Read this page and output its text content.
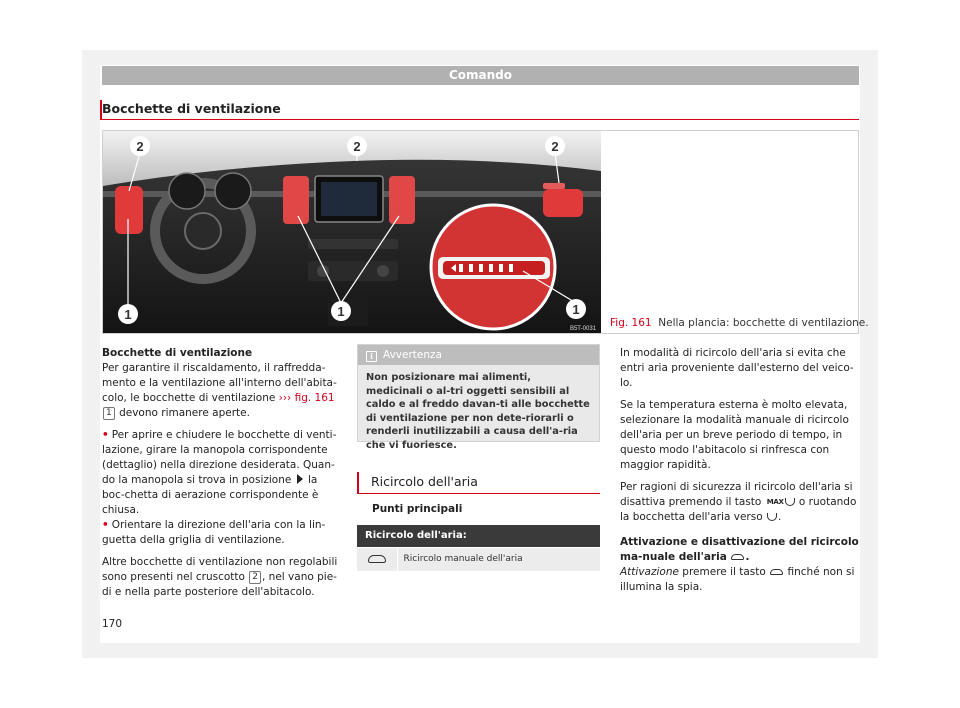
Comando
Bocchette di ventilazione
2	2	2
1	1	1
B5T-0031 Fig. 161 Nella plancia: bocchette di ventilazione.

Bocchette di ventilazione
Per garantire il riscaldamento, il raffredda-mento e la ventilazione all'interno dell'abita-colo, le bocchette di ventilazione ››› fig. 161 1 devono rimanere aperte.

• Per aprire e chiudere le bocchette di venti-lazione, girare la manopola corrispondente (dettaglio) nella direzione desiderata. Quan-do la manopola si trova in posizione  la boc-chetta di aerazione corrispondente è chiusa.
• Orientare la direzione dell'aria con la lin-guetta della griglia di ventilazione.

Altre bocchette di ventilazione non regolabili sono presenti nel cruscotto 2 , nel vano pie-di e nella parte posteriore dell'abitacolo.

i Avvertenza
Non posizionare mai alimenti, medicinali o al-tri oggetti sensibili al caldo e al freddo davan-ti alle bocchette di ventilazione per non dete-riorarli o renderli inutilizzabili a causa dell'a-ria che vi fuoriesce.
Ricircolo dell'aria
Punti principali
Ricircolo dell'aria:
	Ricircolo manuale dell'aria

In modalità di ricircolo dell'aria si evita che entri aria proveniente dall'esterno del veico-lo.

Se la temperatura esterna è molto elevata, selezionare la modalità manuale di ricircolo dell'aria per un breve periodo di tempo, in questo modo l'abitacolo si rinfresca con maggior rapidità.

Per ragioni di sicurezza il ricircolo dell'aria si disattiva premendo il tasto MAX o ruotando la bocchetta dell'aria verso .

Attivazione e disattivazione del ricircolo ma-nuale dell'aria .
Attivazione premere il tasto  finché non si illumina la spia.

170
